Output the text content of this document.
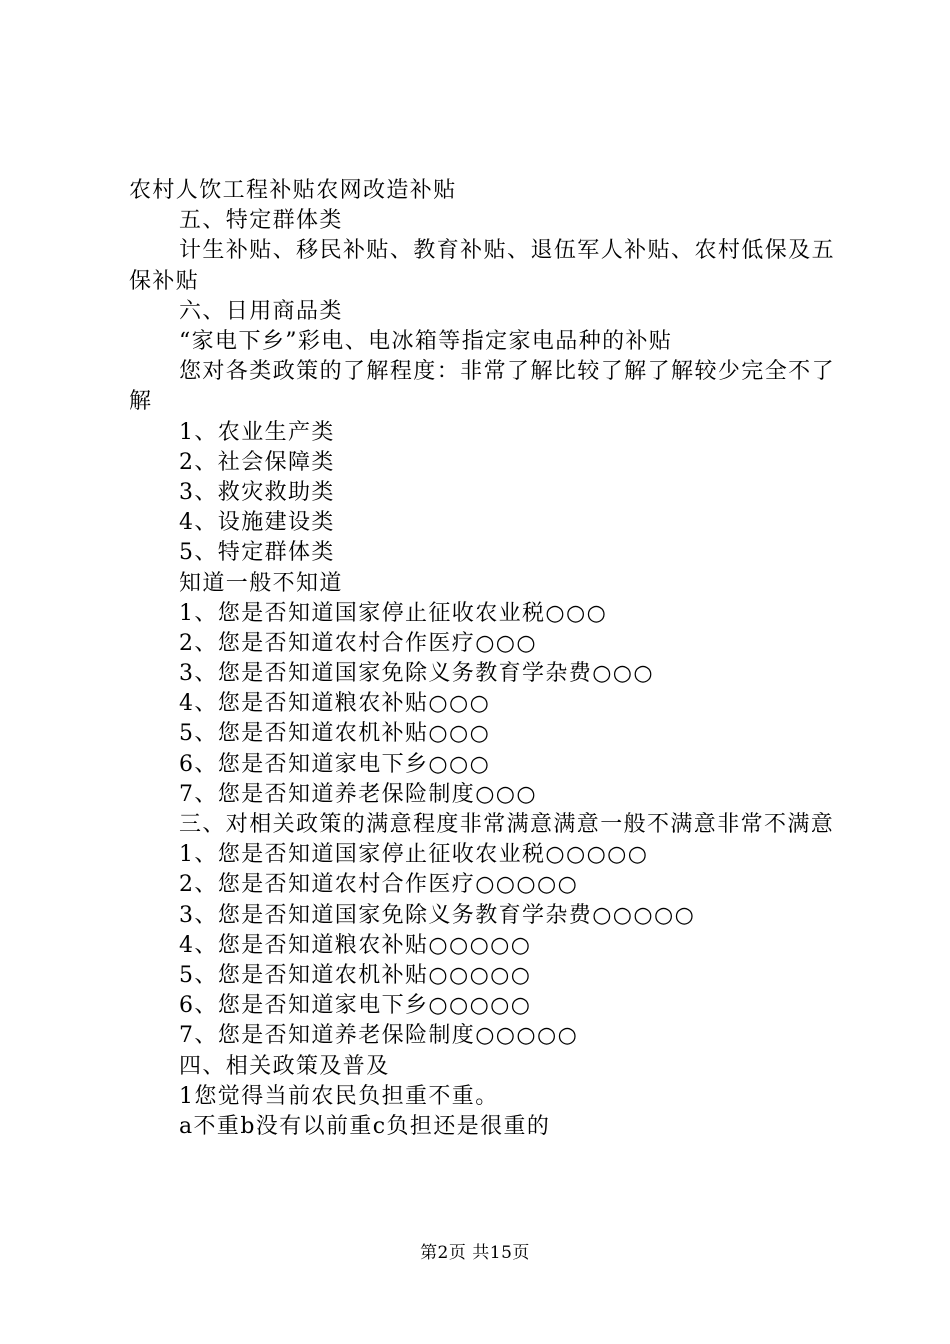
农村人饮工程补贴农网改造补贴
五、特定群体类
计生补贴、移民补贴、教育补贴、退伍军人补贴、农村低保及五保补贴
六、日用商品类
“家电下乡”彩电、电冰箱等指定家电品种的补贴
您对各类政策的了解程度：非常了解比较了解了解较少完全不了解
1、农业生产类
2、社会保障类
3、救灾救助类
4、设施建设类
5、特定群体类
知道一般不知道
1、您是否知道国家停止征收农业税○○○
2、您是否知道农村合作医疗○○○
3、您是否知道国家免除义务教育学杂费○○○
4、您是否知道粮农补贴○○○
5、您是否知道农机补贴○○○
6、您是否知道家电下乡○○○
7、您是否知道养老保险制度○○○
三、对相关政策的满意程度非常满意满意一般不满意非常不满意
1、您是否知道国家停止征收农业税○○○○○
2、您是否知道农村合作医疗○○○○○
3、您是否知道国家免除义务教育学杂费○○○○○
4、您是否知道粮农补贴○○○○○
5、您是否知道农机补贴○○○○○
6、您是否知道家电下乡○○○○○
7、您是否知道养老保险制度○○○○○
四、相关政策及普及
1您觉得当前农民负担重不重。
a不重b没有以前重c负担还是很重的
第2页 共15页
